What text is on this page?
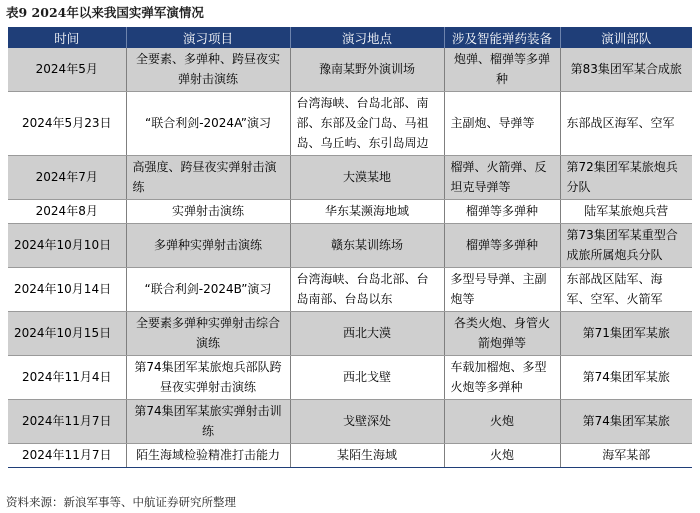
表9 2024年以来我国实弹军演情况
时间	演习项目	演习地点	涉及智能弹药装备	演训部队
2024年5月	全要素、多弹种、跨昼夜实弹射击演练	豫南某野外演训场	炮弹、榴弹等多弹种	第83集团军某合成旅
2024年5月23日	“联合利剑-2024A”演习	台湾海峡、台岛北部、南部、东部及金门岛、马祖岛、乌丘屿、东引岛周边	主副炮、导弹等	东部战区海军、空军
2024年7月	高强度、跨昼夜实弹射击演练	大漠某地	榴弹、火箭弹、反坦克导弹等	第72集团军某旅炮兵分队
2024年8月	实弹射击演练	华东某濒海地域	榴弹等多弹种	陆军某旅炮兵营
2024年10月10日	多弹种实弹射击演练	赣东某训练场	榴弹等多弹种	第73集团军某重型合成旅所属炮兵分队
2024年10月14日	“联合利剑-2024B”演习	台湾海峡、台岛北部、台岛南部、台岛以东	多型号导弹、主副炮等	东部战区陆军、海军、空军、火箭军
2024年10月15日	全要素多弹种实弹射击综合演练	西北大漠	各类火炮、身管火箭炮弹等	第71集团军某旅
2024年11月4日	第74集团军某旅炮兵部队跨昼夜实弹射击演练	西北戈壁	车载加榴炮、多型火炮等多弹种	第74集团军某旅
2024年11月7日	第74集团军某旅实弹射击训练	戈壁深处	火炮	第74集团军某旅
2024年11月7日	陌生海域检验精准打击能力	某陌生海域	火炮	海军某部
资料来源：新浪军事等、中航证券研究所整理
